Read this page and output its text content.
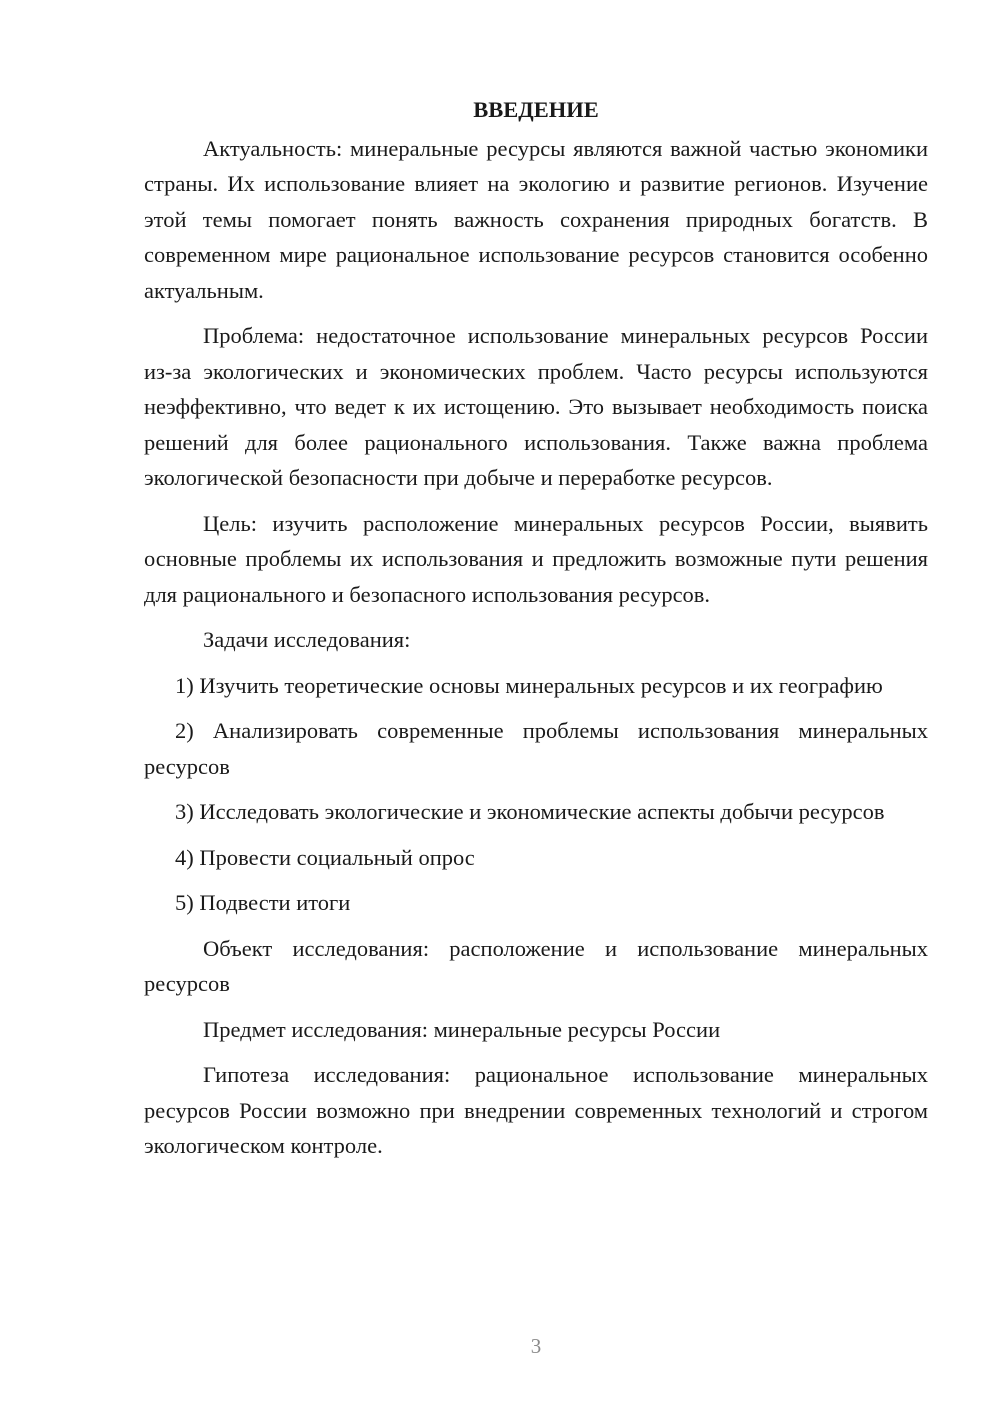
ВВЕДЕНИЕ

Актуальность: минеральные ресурсы являются важной частью экономики страны. Их использование влияет на экологию и развитие регионов. Изучение этой темы помогает понять важность сохранения природных богатств. В современном мире рациональное использование ресурсов становится особенно актуальным.

Проблема: недостаточное использование минеральных ресурсов России из-за экологических и экономических проблем. Часто ресурсы используются неэффективно, что ведет к их истощению. Это вызывает необходимость поиска решений для более рационального использования. Также важна проблема экологической безопасности при добыче и переработке ресурсов.

Цель: изучить расположение минеральных ресурсов России, выявить основные проблемы их использования и предложить возможные пути решения для рационального и безопасного использования ресурсов.

Задачи исследования:

1) Изучить теоретические основы минеральных ресурсов и их географию

2) Анализировать современные проблемы использования минеральных ресурсов

3) Исследовать экологические и экономические аспекты добычи ресурсов

4) Провести социальный опрос

5) Подвести итоги

Объект исследования: расположение и использование минеральных ресурсов

Предмет исследования: минеральные ресурсы России

Гипотеза исследования: рациональное использование минеральных ресурсов России возможно при внедрении современных технологий и строгом экологическом контроле.

3
